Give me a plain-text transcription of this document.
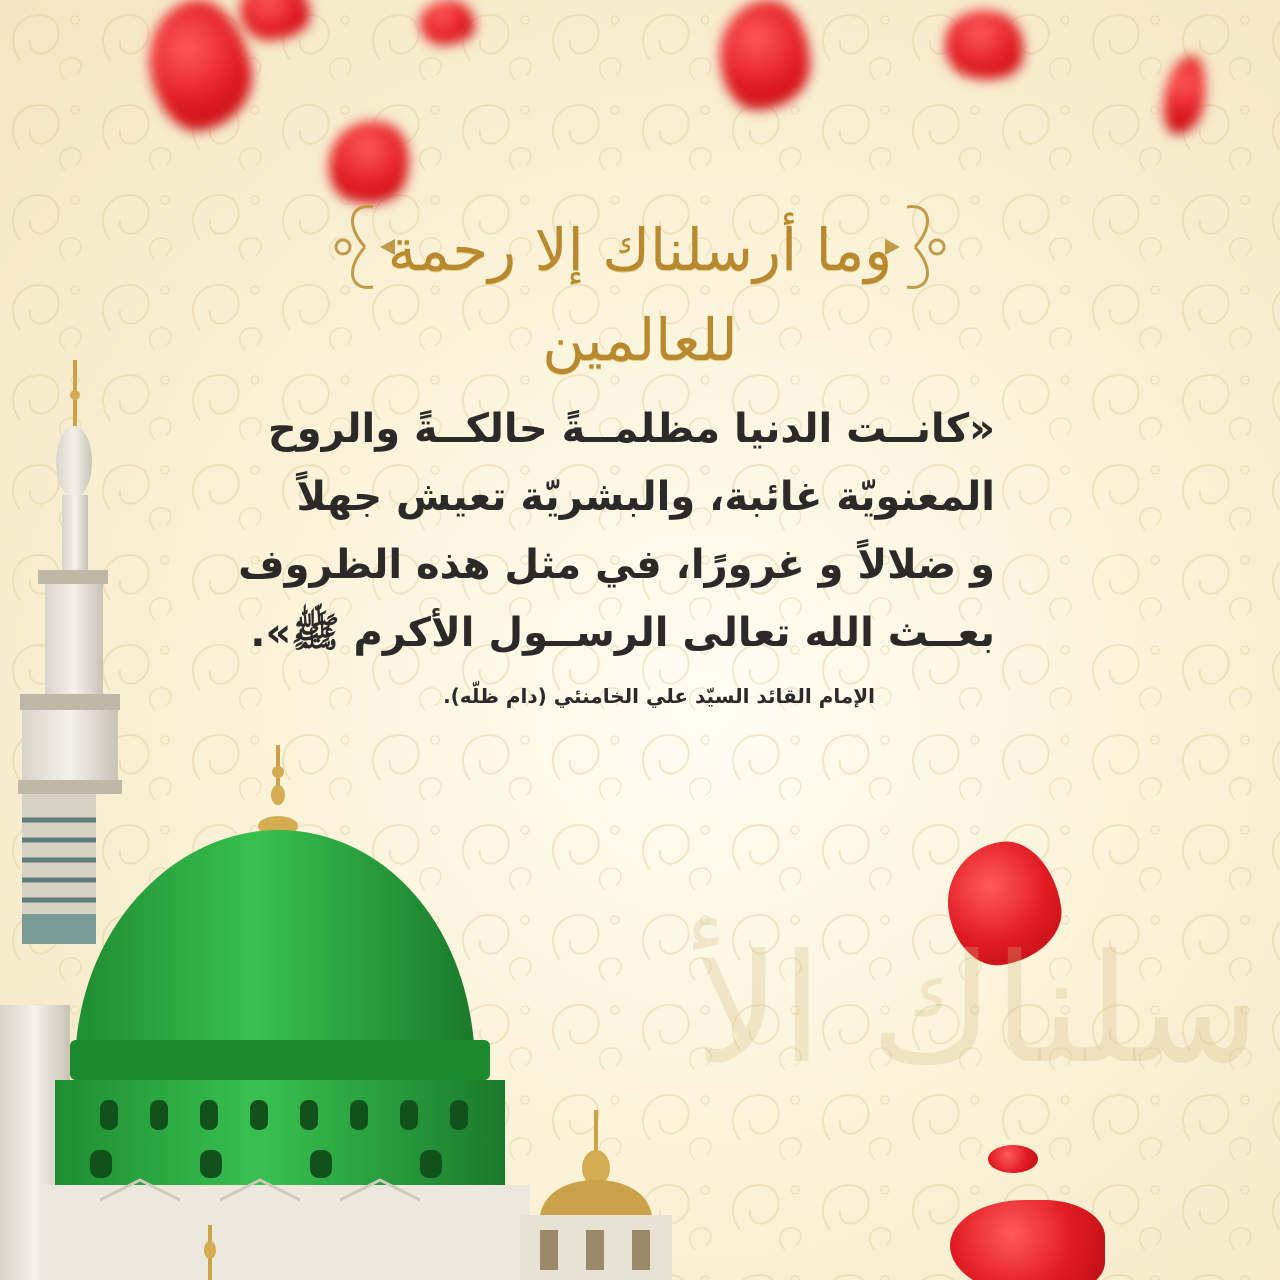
سلناك الأ
وما أرسلناك إلا رحمة للعالمين

«كانــت الدنيا مظلمــةً حالكــةً والروح
المعنويّة غائبة، والبشريّة تعيش جهلاً
و ضلالاً و غرورًا، في مثل هذه الظروف
بعــث الله تعالى الرســول الأكرم ﷺ».

الإمام القائد السيّد علي الخامنئي (دام ظلّه).
